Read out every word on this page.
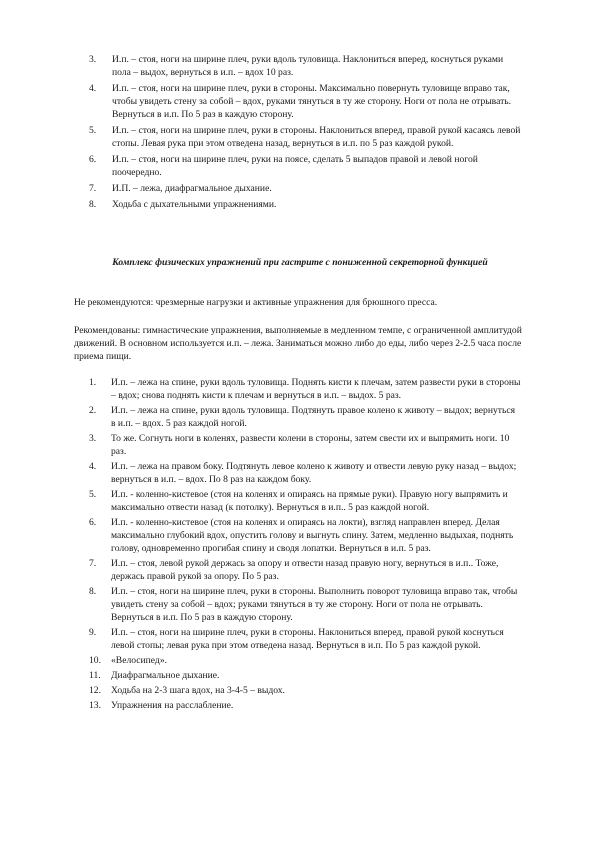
3.	И.п. – стоя, ноги на ширине плеч, руки вдоль туловища. Наклониться вперед, коснуться руками пола – выдох, вернуться в и.п. – вдох 10 раз.
4.	И.п. – стоя, ноги на ширине плеч, руки в стороны. Максимально повернуть туловище вправо так, чтобы увидеть стену за собой – вдох, руками тянуться в ту же сторону. Ноги от пола не отрывать. Вернуться в и.п. По 5 раз в каждую сторону.
5.	И.п. – стоя, ноги на ширине плеч, руки в стороны. Наклониться вперед, правой рукой касаясь левой стопы. Левая рука при этом отведена назад, вернуться в и.п. по 5 раз каждой рукой.
6.	И.п. – стоя, ноги на ширине плеч, руки на поясе, сделать 5 выпадов правой и левой ногой поочередно.
7.	И.П. – лежа, диафрагмальное дыхание.
8.	Ходьба с дыхательными упражнениями.
Комплекс физических упражнений при гастрите с пониженной секреторной функцией

Не рекомендуются: чрезмерные нагрузки и активные упражнения для брюшного пресса.

Рекомендованы: гимнастические упражнения, выполняемые в медленном темпе, с ограниченной амплитудой движений. В основном используется и.п. – лежа. Заниматься можно либо до еды, либо через 2-2.5 часа после приема пищи.

1.	И.п. – лежа на спине, руки вдоль туловища. Поднять кисти к плечам, затем развести руки в стороны – вдох; снова поднять кисти к плечам и вернуться в и.п. – выдох. 5 раз.
2.	И.п. – лежа на спине, руки вдоль туловища. Подтянуть правое колено к животу – выдох; вернуться в и.п. – вдох. 5 раз каждой ногой.
3.	То же. Согнуть ноги в коленях, развести колени в стороны, затем свести их и выпрямить ноги. 10 раз.
4.	И.п. – лежа на правом боку. Подтянуть левое колено к животу и отвести левую руку назад – выдох; вернуться в и.п. – вдох. По 8 раз на каждом боку.
5.	И.п. - коленно-кистевое (стоя на коленях и опираясь на прямые руки). Правую ногу выпрямить и максимально отвести назад (к потолку). Вернуться в и.п.. 5 раз каждой ногой.
6.	И.п. - коленно-кистевое (стоя на коленях и опираясь на локти), взгляд направлен вперед. Делая максимально глубокий вдох, опустить голову и выгнуть спину. Затем, медленно выдыхая, поднять голову, одновременно прогибая спину и сводя лопатки. Вернуться в и.п. 5 раз.
7.	И.п. – стоя, левой рукой держась за опору и отвести назад правую ногу, вернуться в и.п.. Тоже, держась правой рукой за опору. По 5 раз.
8.	И.п. – стоя, ноги на ширине плеч, руки в стороны. Выполнить поворот туловища вправо так, чтобы увидеть стену за собой – вдох; руками тянуться в ту же сторону. Ноги от пола не отрывать. Вернуться в и.п. По 5 раз в каждую сторону.
9.	И.п. – стоя, ноги на ширине плеч, руки в стороны. Наклониться вперед, правой рукой коснуться левой стопы; левая рука при этом отведена назад. Вернуться в и.п. По 5 раз каждой рукой.
10.	«Велосипед».
11.	Диафрагмальное дыхание.
12.	Ходьба на 2-3 шага вдох, на 3-4-5 – выдох.
13.	Упражнения на расслабление.
